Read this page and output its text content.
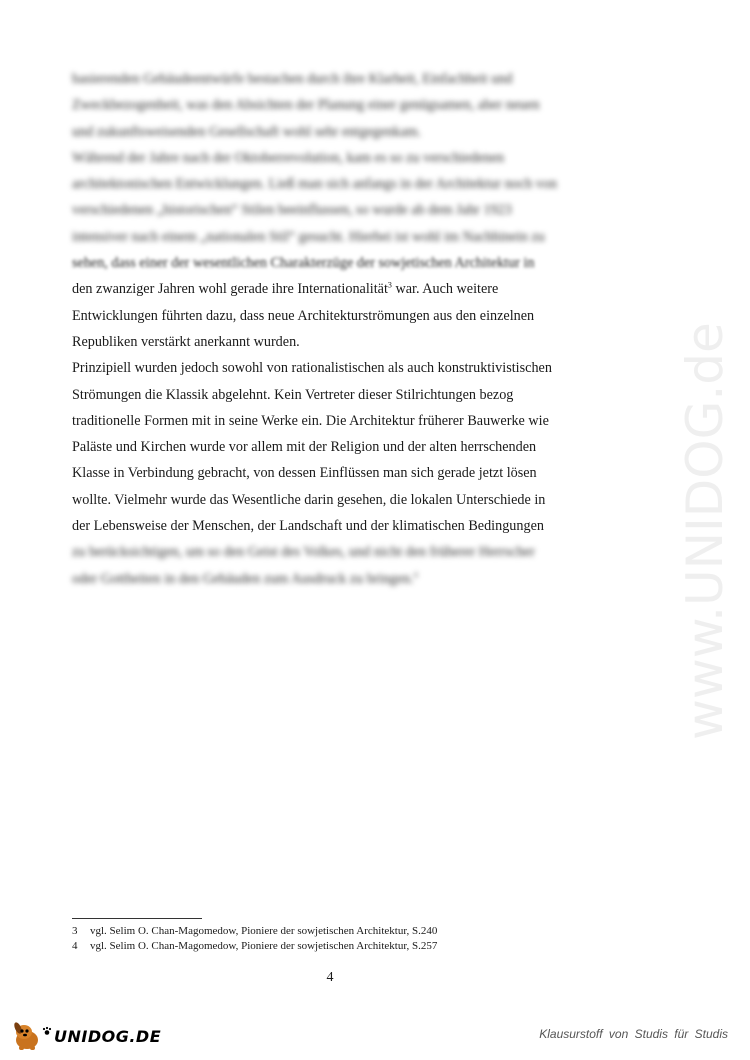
www.UNIDOG.de
basierenden Gebäudeentwürfe bestachen durch ihre Klarheit, Einfachheit und
Zweckbezogenheit, was den Absichten der Planung einer genügsamen, aber neuen
und zukunftsweisenden Gesellschaft wohl sehr entgegenkam.
Während der Jahre nach der Oktoberrevolution, kam es so zu verschiedenen
architektonischen Entwicklungen. Ließ man sich anfangs in der Architektur noch von
verschiedenen „historischen“ Stilen beeinflussen, so wurde ab dem Jahr 1923
intensiver nach einem „nationalen Stil“ gesucht. Hierbei ist wohl im Nachhinein zu
sehen, dass einer der wesentlichen Charakterzüge der sowjetischen Architektur in
den zwanziger Jahren wohl gerade ihre Internationalität$^3$ war. Auch weitere
Entwicklungen führten dazu, dass neue Architekturströmungen aus den einzelnen
Republiken verstärkt anerkannt wurden.
Prinzipiell wurden jedoch sowohl von rationalistischen als auch konstruktivistischen
Strömungen die Klassik abgelehnt. Kein Vertreter dieser Stilrichtungen bezog
traditionelle Formen mit in seine Werke ein. Die Architektur früherer Bauwerke wie
Paläste und Kirchen wurde vor allem mit der Religion und der alten herrschenden
Klasse in Verbindung gebracht, von dessen Einflüssen man sich gerade jetzt lösen
wollte. Vielmehr wurde das Wesentliche darin gesehen, die lokalen Unterschiede in
der Lebensweise der Menschen, der Landschaft und der klimatischen Bedingungen
zu berücksichtigen, um so den Geist des Volkes, und nicht den früherer Herrscher
oder Gottheiten in den Gebäuden zum Ausdruck zu bringen.$^4$
3	vgl. Selim O. Chan-Magomedow, Pioniere der sowjetischen Architektur, S.240
4	vgl. Selim O. Chan-Magomedow, Pioniere der sowjetischen Architektur, S.257
4
UNIDOG.DE	Klausurstoff von Studis für Studis
